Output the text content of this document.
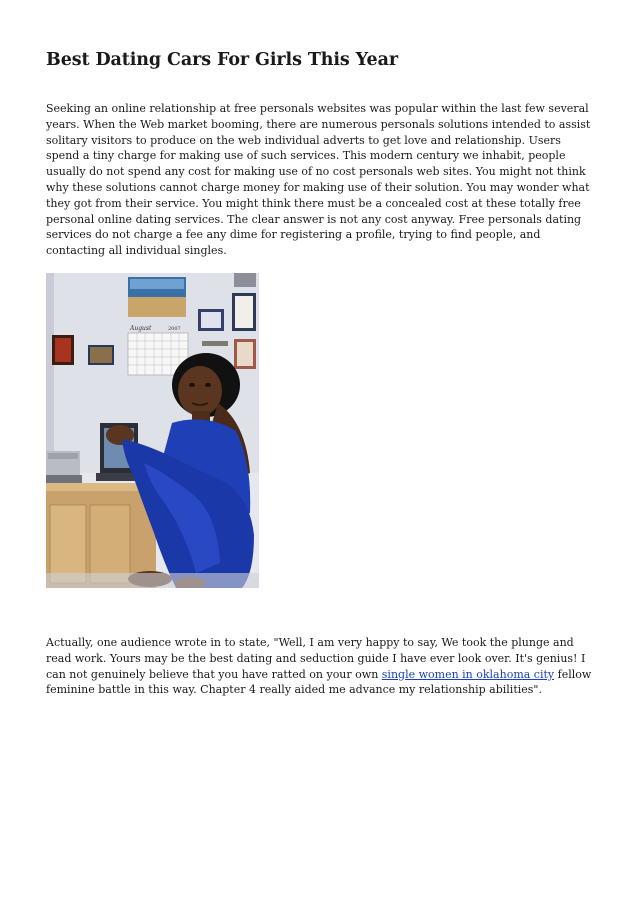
Best Dating Cars For Girls This Year

Seeking an online relationship at free personals websites was popular within the last few several years. When the Web market booming, there are numerous personals solutions intended to assist solitary visitors to produce on the web individual adverts to get love and relationship. Users spend a tiny charge for making use of such services. This modern century we inhabit, people usually do not spend any cost for making use of no cost personals web sites. You might not think why these solutions cannot charge money for making use of their solution. You may wonder what they got from their service. You might think there must be a concealed cost at these totally free personal online dating services. The clear answer is not any cost anyway. Free personals dating services do not charge a fee any dime for registering a profile, trying to find people, and contacting all individual singles.

August	2007

Actually, one audience wrote in to state, "Well, I am very happy to say, We took the plunge and read work. Yours may be the best dating and seduction guide I have ever look over. It's genius! I can not genuinely believe that you have ratted on your own single women in oklahoma city fellow feminine battle in this way. Chapter 4 really aided me advance my relationship abilities".
